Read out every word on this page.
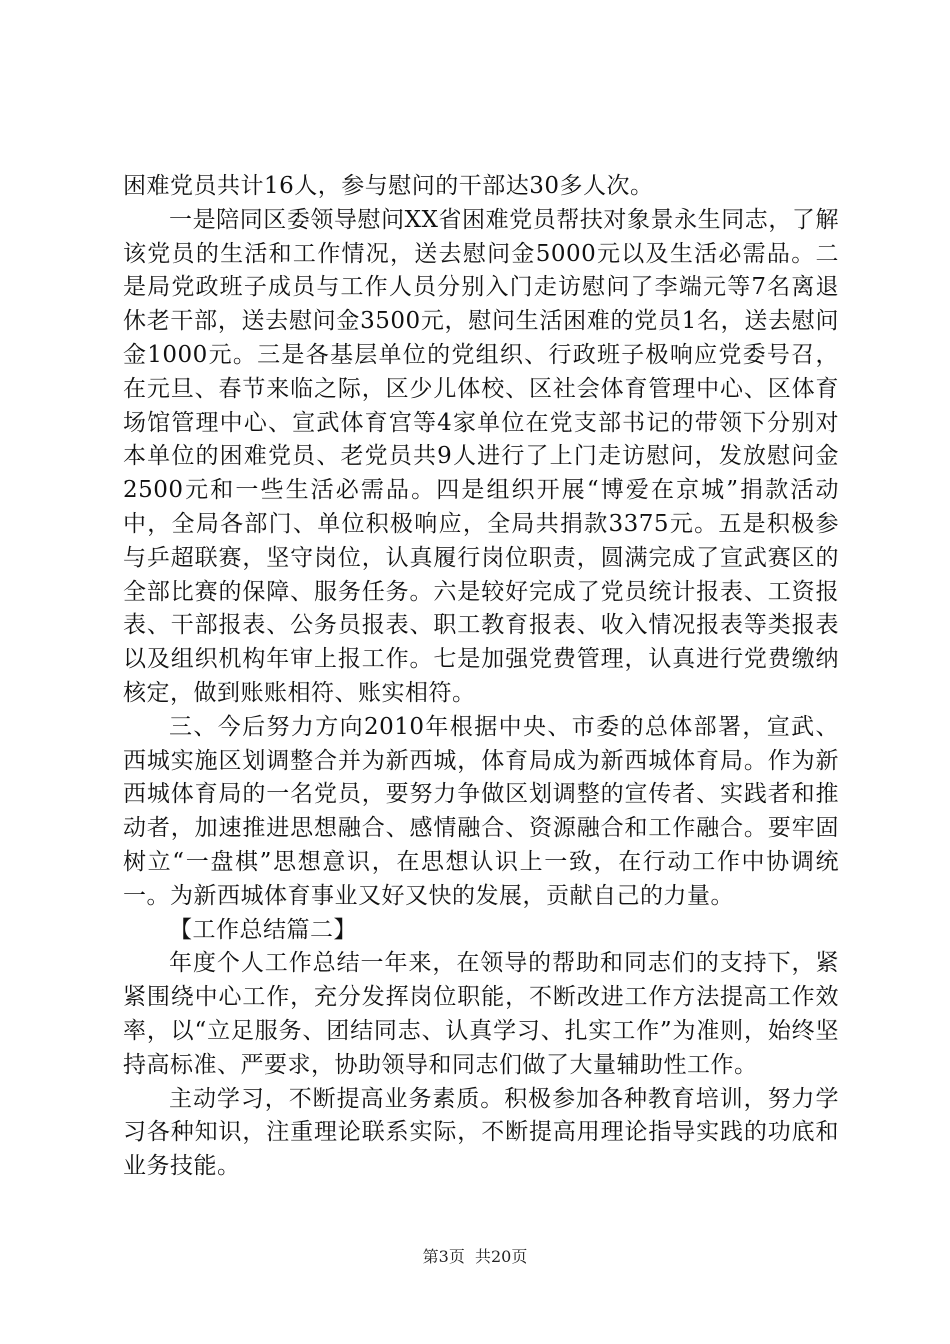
困难党员共计16人，参与慰问的干部达30多人次。

一是陪同区委领导慰问XX省困难党员帮扶对象景永生同志，了解该党员的生活和工作情况，送去慰问金5000元以及生活必需品。二是局党政班子成员与工作人员分别入门走访慰问了李端元等7名离退休老干部，送去慰问金3500元，慰问生活困难的党员1名，送去慰问金1000元。三是各基层单位的党组织、行政班子极响应党委号召，在元旦、春节来临之际，区少儿体校、区社会体育管理中心、区体育场馆管理中心、宣武体育宫等4家单位在党支部书记的带领下分别对本单位的困难党员、老党员共9人进行了上门走访慰问，发放慰问金2500元和一些生活必需品。四是组织开展“博爱在京城”捐款活动中，全局各部门、单位积极响应，全局共捐款3375元。五是积极参与乒超联赛，坚守岗位，认真履行岗位职责，圆满完成了宣武赛区的全部比赛的保障、服务任务。六是较好完成了党员统计报表、工资报表、干部报表、公务员报表、职工教育报表、收入情况报表等类报表以及组织机构年审上报工作。七是加强党费管理，认真进行党费缴纳核定，做到账账相符、账实相符。

三、今后努力方向2010年根据中央、市委的总体部署，宣武、西城实施区划调整合并为新西城，体育局成为新西城体育局。作为新西城体育局的一名党员，要努力争做区划调整的宣传者、实践者和推动者，加速推进思想融合、感情融合、资源融合和工作融合。要牢固树立“一盘棋”思想意识，在思想认识上一致，在行动工作中协调统一。为新西城体育事业又好又快的发展，贡献自己的力量。

【工作总结篇二】

年度个人工作总结一年来，在领导的帮助和同志们的支持下，紧紧围绕中心工作，充分发挥岗位职能，不断改进工作方法提高工作效率，以“立足服务、团结同志、认真学习、扎实工作”为准则，始终坚持高标准、严要求，协助领导和同志们做了大量辅助性工作。

主动学习，不断提高业务素质。积极参加各种教育培训，努力学习各种知识，注重理论联系实际，不断提高用理论指导实践的功底和业务技能。

第3页  共20页
